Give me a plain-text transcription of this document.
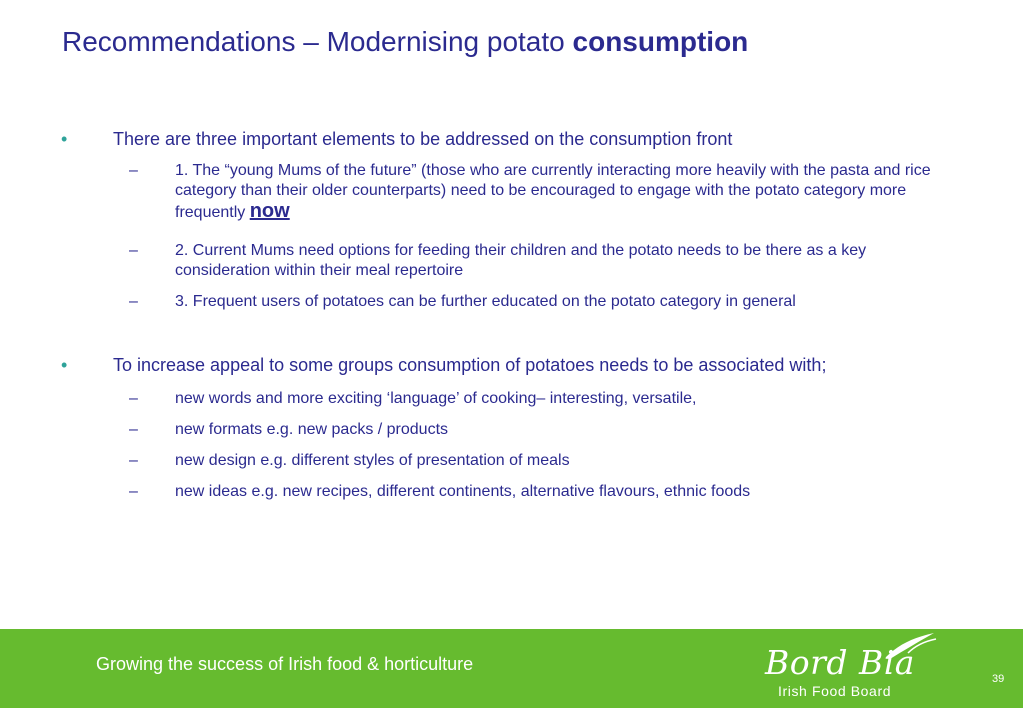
Recommendations – Modernising potato consumption
•	There are three important elements to be addressed on the consumption front
– 1. The “young Mums of the future” (those who are currently interacting more heavily with the pasta and rice category than their older counterparts) need to be encouraged to engage with the potato category more frequently now
– 2. Current Mums need options for feeding their children and the potato needs to be there as a key consideration within their meal repertoire
– 3. Frequent users of potatoes can be further educated on the potato category in general
•	To increase appeal to some groups consumption of potatoes needs to be associated with;
– new words and more exciting ‘language’ of cooking– interesting, versatile,
– new formats e.g. new packs / products
– new design e.g. different styles of presentation of meals
– new ideas e.g. new recipes, different continents, alternative flavours, ethnic foods
Growing the success of Irish food & horticulture	Bord Bia
Irish Food Board
39
